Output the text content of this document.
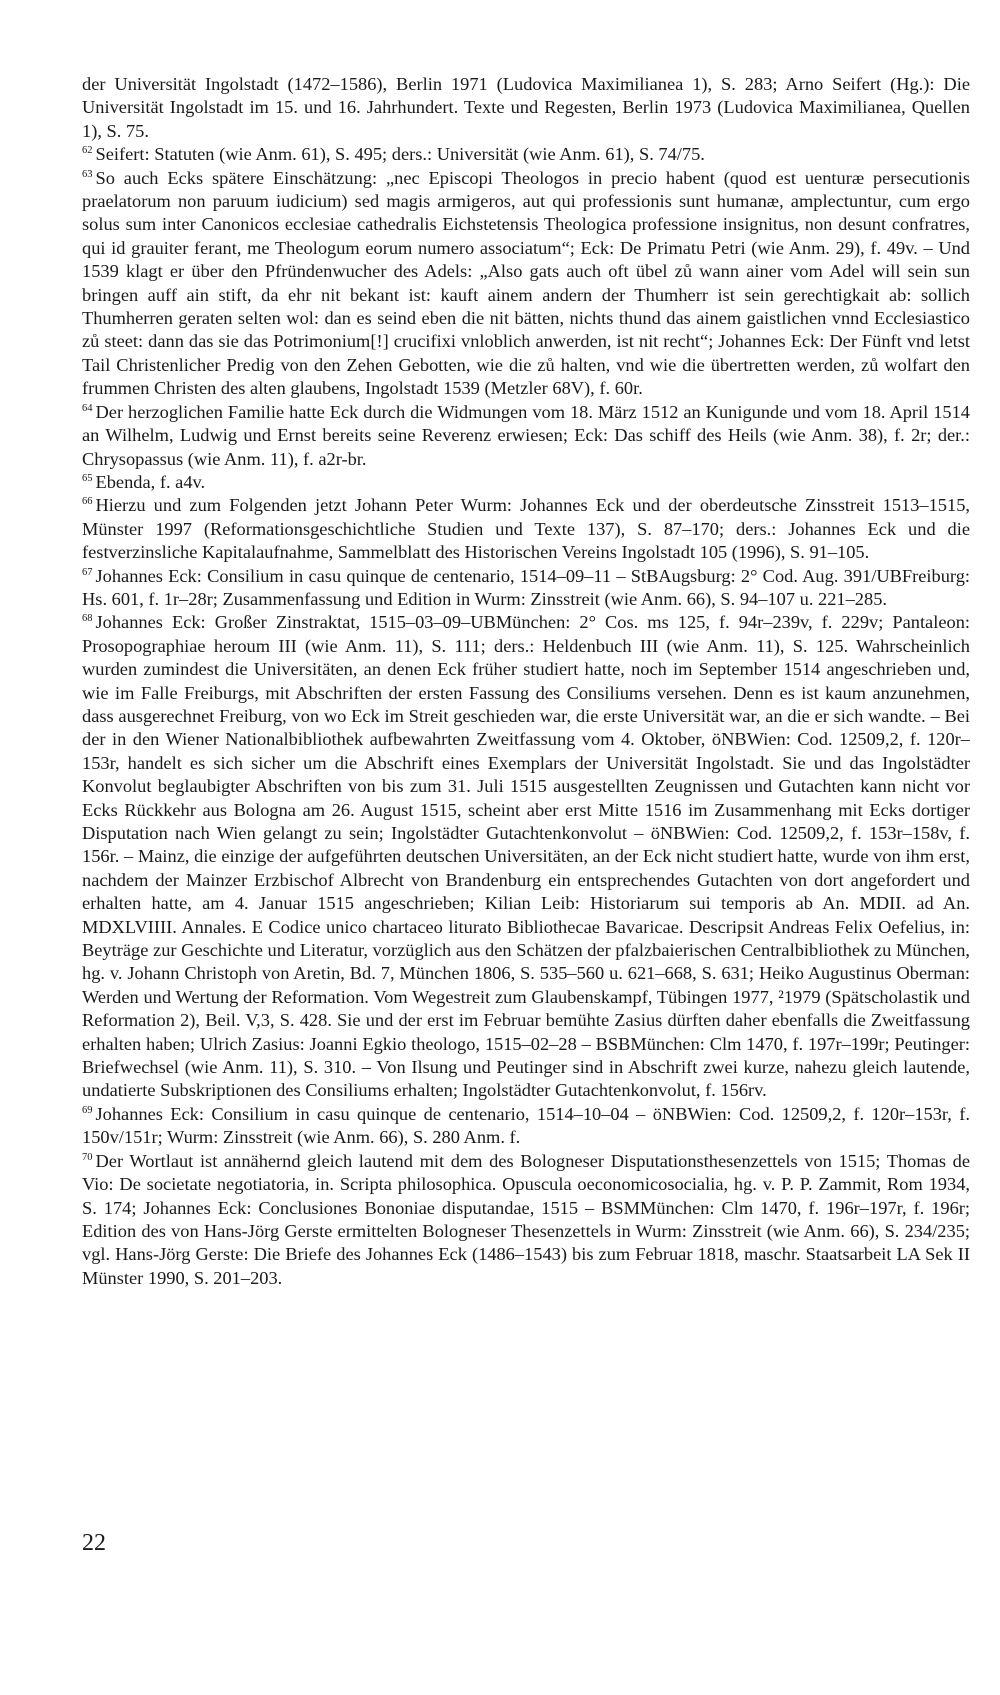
der Universität Ingolstadt (1472–1586), Berlin 1971 (Ludovica Maximilianea 1), S. 283; Arno Seifert (Hg.): Die Universität Ingolstadt im 15. und 16. Jahrhundert. Texte und Regesten, Berlin 1973 (Ludovica Maximilianea, Quellen 1), S. 75.

$^{62}$ Seifert: Statuten (wie Anm. 61), S. 495; ders.: Universität (wie Anm. 61), S. 74/75.

$^{63}$ So auch Ecks spätere Einschätzung: „nec Episcopi Theologos in precio habent (quod est uenturæ persecutionis praelatorum non paruum iudicium) sed magis armigeros, aut qui professionis sunt humanæ, amplectuntur, cum ergo solus sum inter Canonicos ecclesiae cathedralis Eichstetensis Theologica professione insignitus, non desunt confratres, qui id grauiter ferant, me Theologum eorum numero associatum“; Eck: De Primatu Petri (wie Anm. 29), f. 49v. – Und 1539 klagt er über den Pfründenwucher des Adels: „Also gats auch oft übel zů wann ainer vom Adel will sein sun bringen auff ain stift, da ehr nit bekant ist: kauft ainem andern der Thumherr ist sein gerechtigkait ab: sollich Thumherren geraten selten wol: dan es seind eben die nit bätten, nichts thund das ainem gaistlichen vnnd Ecclesiastico zů steet: dann das sie das Potrimonium[!] crucifixi vnloblich anwerden, ist nit recht“; Johannes Eck: Der Fünft vnd letst Tail Christenlicher Predig von den Zehen Gebotten, wie die zů halten, vnd wie die übertretten werden, zů wolfart den frummen Christen des alten glaubens, Ingolstadt 1539 (Metzler 68V), f. 60r.

$^{64}$ Der herzoglichen Familie hatte Eck durch die Widmungen vom 18. März 1512 an Kunigunde und vom 18. April 1514 an Wilhelm, Ludwig und Ernst bereits seine Reverenz erwiesen; Eck: Das schiff des Heils (wie Anm. 38), f. 2r; der.: Chrysopassus (wie Anm. 11), f. a2r-br.

$^{65}$ Ebenda, f. a4v.

$^{66}$ Hierzu und zum Folgenden jetzt Johann Peter Wurm: Johannes Eck und der oberdeutsche Zinsstreit 1513–1515, Münster 1997 (Reformationsgeschichtliche Studien und Texte 137), S. 87–170; ders.: Johannes Eck und die festverzinsliche Kapitalaufnahme, Sammelblatt des Historischen Vereins Ingolstadt 105 (1996), S. 91–105.

$^{67}$ Johannes Eck: Consilium in casu quinque de centenario, 1514–09–11 – StBAugsburg: 2° Cod. Aug. 391/UBFreiburg: Hs. 601, f. 1r–28r; Zusammenfassung und Edition in Wurm: Zinsstreit (wie Anm. 66), S. 94–107 u. 221–285.

$^{68}$ Johannes Eck: Großer Zinstraktat, 1515–03–09–UBMünchen: 2° Cos. ms 125, f. 94r–239v, f. 229v; Pantaleon: Prosopographiae heroum III (wie Anm. 11), S. 111; ders.: Heldenbuch III (wie Anm. 11), S. 125. Wahrscheinlich wurden zumindest die Universitäten, an denen Eck früher studiert hatte, noch im September 1514 angeschrieben und, wie im Falle Freiburgs, mit Abschriften der ersten Fassung des Consiliums versehen. Denn es ist kaum anzunehmen, dass ausgerechnet Freiburg, von wo Eck im Streit geschieden war, die erste Universität war, an die er sich wandte. – Bei der in den Wiener Nationalbibliothek aufbewahrten Zweitfassung vom 4. Oktober, öNBWien: Cod. 12509,2, f. 120r–153r, handelt es sich sicher um die Abschrift eines Exemplars der Universität Ingolstadt. Sie und das Ingolstädter Konvolut beglaubigter Abschriften von bis zum 31. Juli 1515 ausgestellten Zeugnissen und Gutachten kann nicht vor Ecks Rückkehr aus Bologna am 26. August 1515, scheint aber erst Mitte 1516 im Zusammenhang mit Ecks dortiger Disputation nach Wien gelangt zu sein; Ingolstädter Gutachtenkonvolut – öNBWien: Cod. 12509,2, f. 153r–158v, f. 156r. – Mainz, die einzige der aufgeführten deutschen Universitäten, an der Eck nicht studiert hatte, wurde von ihm erst, nachdem der Mainzer Erzbischof Albrecht von Brandenburg ein entsprechendes Gutachten von dort angefordert und erhalten hatte, am 4. Januar 1515 angeschrieben; Kilian Leib: Historiarum sui temporis ab An. MDII. ad An. MDXLVIIII. Annales. E Codice unico chartaceo liturato Bibliothecae Bavaricae. Descripsit Andreas Felix Oefelius, in: Beyträge zur Geschichte und Literatur, vorzüglich aus den Schätzen der pfalzbaierischen Centralbibliothek zu München, hg. v. Johann Christoph von Aretin, Bd. 7, München 1806, S. 535–560 u. 621–668, S. 631; Heiko Augustinus Oberman: Werden und Wertung der Reformation. Vom Wegestreit zum Glaubenskampf, Tübingen 1977, ²1979 (Spätscholastik und Reformation 2), Beil. V,3, S. 428. Sie und der erst im Februar bemühte Zasius dürften daher ebenfalls die Zweitfassung erhalten haben; Ulrich Zasius: Joanni Egkio theologo, 1515–02–28 – BSBMünchen: Clm 1470, f. 197r–199r; Peutinger: Briefwechsel (wie Anm. 11), S. 310. – Von Ilsung und Peutinger sind in Abschrift zwei kurze, nahezu gleich lautende, undatierte Subskriptionen des Consiliums erhalten; Ingolstädter Gutachtenkonvolut, f. 156rv.

$^{69}$ Johannes Eck: Consilium in casu quinque de centenario, 1514–10–04 – öNBWien: Cod. 12509,2, f. 120r–153r, f. 150v/151r; Wurm: Zinsstreit (wie Anm. 66), S. 280 Anm. f.

$^{70}$ Der Wortlaut ist annähernd gleich lautend mit dem des Bologneser Disputationsthesenzettels von 1515; Thomas de Vio: De societate negotiatoria, in. Scripta philosophica. Opuscula oeconomicosocialia, hg. v. P. P. Zammit, Rom 1934, S. 174; Johannes Eck: Conclusiones Bononiae disputandae, 1515 – BSMMünchen: Clm 1470, f. 196r–197r, f. 196r; Edition des von Hans-Jörg Gerste ermittelten Bologneser Thesenzettels in Wurm: Zinsstreit (wie Anm. 66), S. 234/235; vgl. Hans-Jörg Gerste: Die Briefe des Johannes Eck (1486–1543) bis zum Februar 1818, maschr. Staatsarbeit LA Sek II Münster 1990, S. 201–203.

22
